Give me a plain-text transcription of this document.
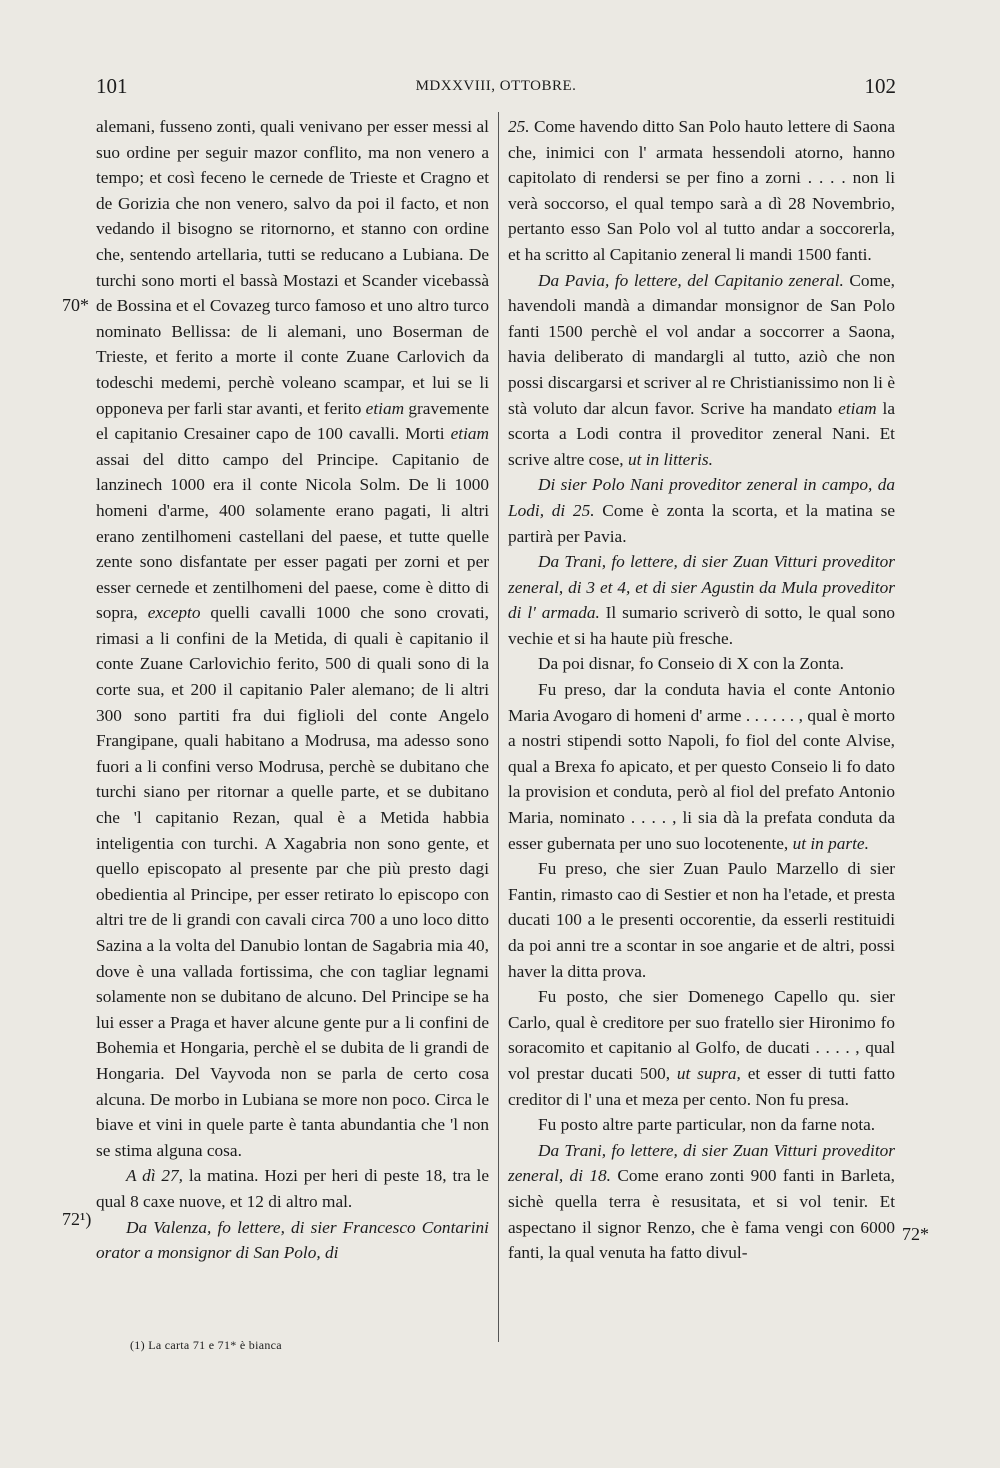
101	MDXXVIII, OTTOBRE.	102
70*
72¹)
72*

alemani, fusseno zonti, quali venivano per esser messi al suo ordine per seguir mazor conflito, ma non venero a tempo; et così feceno le cernede de Trieste et Cragno et de Gorizia che non venero, salvo da poi il facto, et non vedando il bisogno se ritornorno, et stanno con ordine che, sentendo artellaria, tutti se reducano a Lubiana. De turchi sono morti el bassà Mostazi et Scander vicebassà de Bossina et el Covazeg turco famoso et uno altro turco nominato Bellissa: de li alemani, uno Boserman de Trieste, et ferito a morte il conte Zuane Carlovich da todeschi medemi, perchè voleano scampar, et lui se li opponeva per farli star avanti, et ferito etiam gravemente el capitanio Cresainer capo de 100 cavalli. Morti etiam assai del ditto campo del Principe. Capitanio de lanzinech 1000 era il conte Nicola Solm. De li 1000 homeni d'arme, 400 solamente erano pagati, li altri erano zentilhomeni castellani del paese, et tutte quelle zente sono disfantate per esser pagati per zorni et per esser cernede et zentilhomeni del paese, come è ditto di sopra, excepto quelli cavalli 1000 che sono crovati, rimasi a li confini de la Metida, di quali è capitanio il conte Zuane Carlovichio ferito, 500 di quali sono di la corte sua, et 200 il capitanio Paler alemano; de li altri 300 sono partiti fra dui figlioli del conte Angelo Frangipane, quali habitano a Modrusa, ma adesso sono fuori a li confini verso Modrusa, perchè se dubitano che turchi siano per ritornar a quelle parte, et se dubitano che 'l capitanio Rezan, qual è a Metida habbia inteligentia con turchi. A Xagabria non sono gente, et quello episcopato al presente par che più presto dagi obedientia al Principe, per esser retirato lo episcopo con altri tre de li grandi con cavali circa 700 a uno loco ditto Sazina a la volta del Danubio lontan de Sagabria mia 40, dove è una vallada fortissima, che con tagliar legnami solamente non se dubitano de alcuno. Del Principe se ha lui esser a Praga et haver alcune gente pur a li confini de Bohemia et Hongaria, perchè el se dubita de li grandi de Hongaria. Del Vayvoda non se parla de certo cosa alcuna. De morbo in Lubiana se more non poco. Circa le biave et vini in quele parte è tanta abundantia che 'l non se stima alguna cosa.

A dì 27, la matina. Hozi per heri di peste 18, tra le qual 8 caxe nuove, et 12 di altro mal.

Da Valenza, fo lettere, di sier Francesco Contarini orator a monsignor di San Polo, di

25. Come havendo ditto San Polo hauto lettere di Saona che, inimici con l' armata hessendoli atorno, hanno capitolato di rendersi se per fino a zorni . . . . non li verà soccorso, el qual tempo sarà a dì 28 Novembrio, pertanto esso San Polo vol al tutto andar a soccorerla, et ha scritto al Capitanio zeneral li mandi 1500 fanti.

Da Pavia, fo lettere, del Capitanio zeneral. Come, havendoli mandà a dimandar monsignor de San Polo fanti 1500 perchè el vol andar a soccorrer a Saona, havia deliberato di mandargli al tutto, aziò che non possi discargarsi et scriver al re Christianissimo non li è stà voluto dar alcun favor. Scrive ha mandato etiam la scorta a Lodi contra il proveditor zeneral Nani. Et scrive altre cose, ut in litteris.

Di sier Polo Nani proveditor zeneral in campo, da Lodi, di 25. Come è zonta la scorta, et la matina se partirà per Pavia.

Da Trani, fo lettere, di sier Zuan Vitturi proveditor zeneral, di 3 et 4, et di sier Agustin da Mula proveditor di l' armada. Il sumario scriverò di sotto, le qual sono vechie et si ha haute più fresche.

Da poi disnar, fo Conseio di X con la Zonta.

Fu preso, dar la conduta havia el conte Antonio Maria Avogaro di homeni d' arme . . . . . . , qual è morto a nostri stipendi sotto Napoli, fo fiol del conte Alvise, qual a Brexa fo apicato, et per questo Conseio li fo dato la provision et conduta, però al fiol del prefato Antonio Maria, nominato . . . . , li sia dà la prefata conduta da esser gubernata per uno suo locotenente, ut in parte.

Fu preso, che sier Zuan Paulo Marzello di sier Fantin, rimasto cao di Sestier et non ha l'etade, et presta ducati 100 a le presenti occorentie, da esserli restituidi da poi anni tre a scontar in soe angarie et de altri, possi haver la ditta prova.

Fu posto, che sier Domenego Capello qu. sier Carlo, qual è creditore per suo fratello sier Hironimo fo soracomito et capitanio al Golfo, de ducati . . . . , qual vol prestar ducati 500, ut supra, et esser di tutti fatto creditor di l' una et meza per cento. Non fu presa.

Fu posto altre parte particular, non da farne nota.

Da Trani, fo lettere, di sier Zuan Vitturi proveditor zeneral, di 18. Come erano zonti 900 fanti in Barleta, sichè quella terra è resusitata, et si vol tenir. Et aspectano il signor Renzo, che è fama vengi con 6000 fanti, la qual venuta ha fatto divul-

(1) La carta 71 e 71* è bianca
